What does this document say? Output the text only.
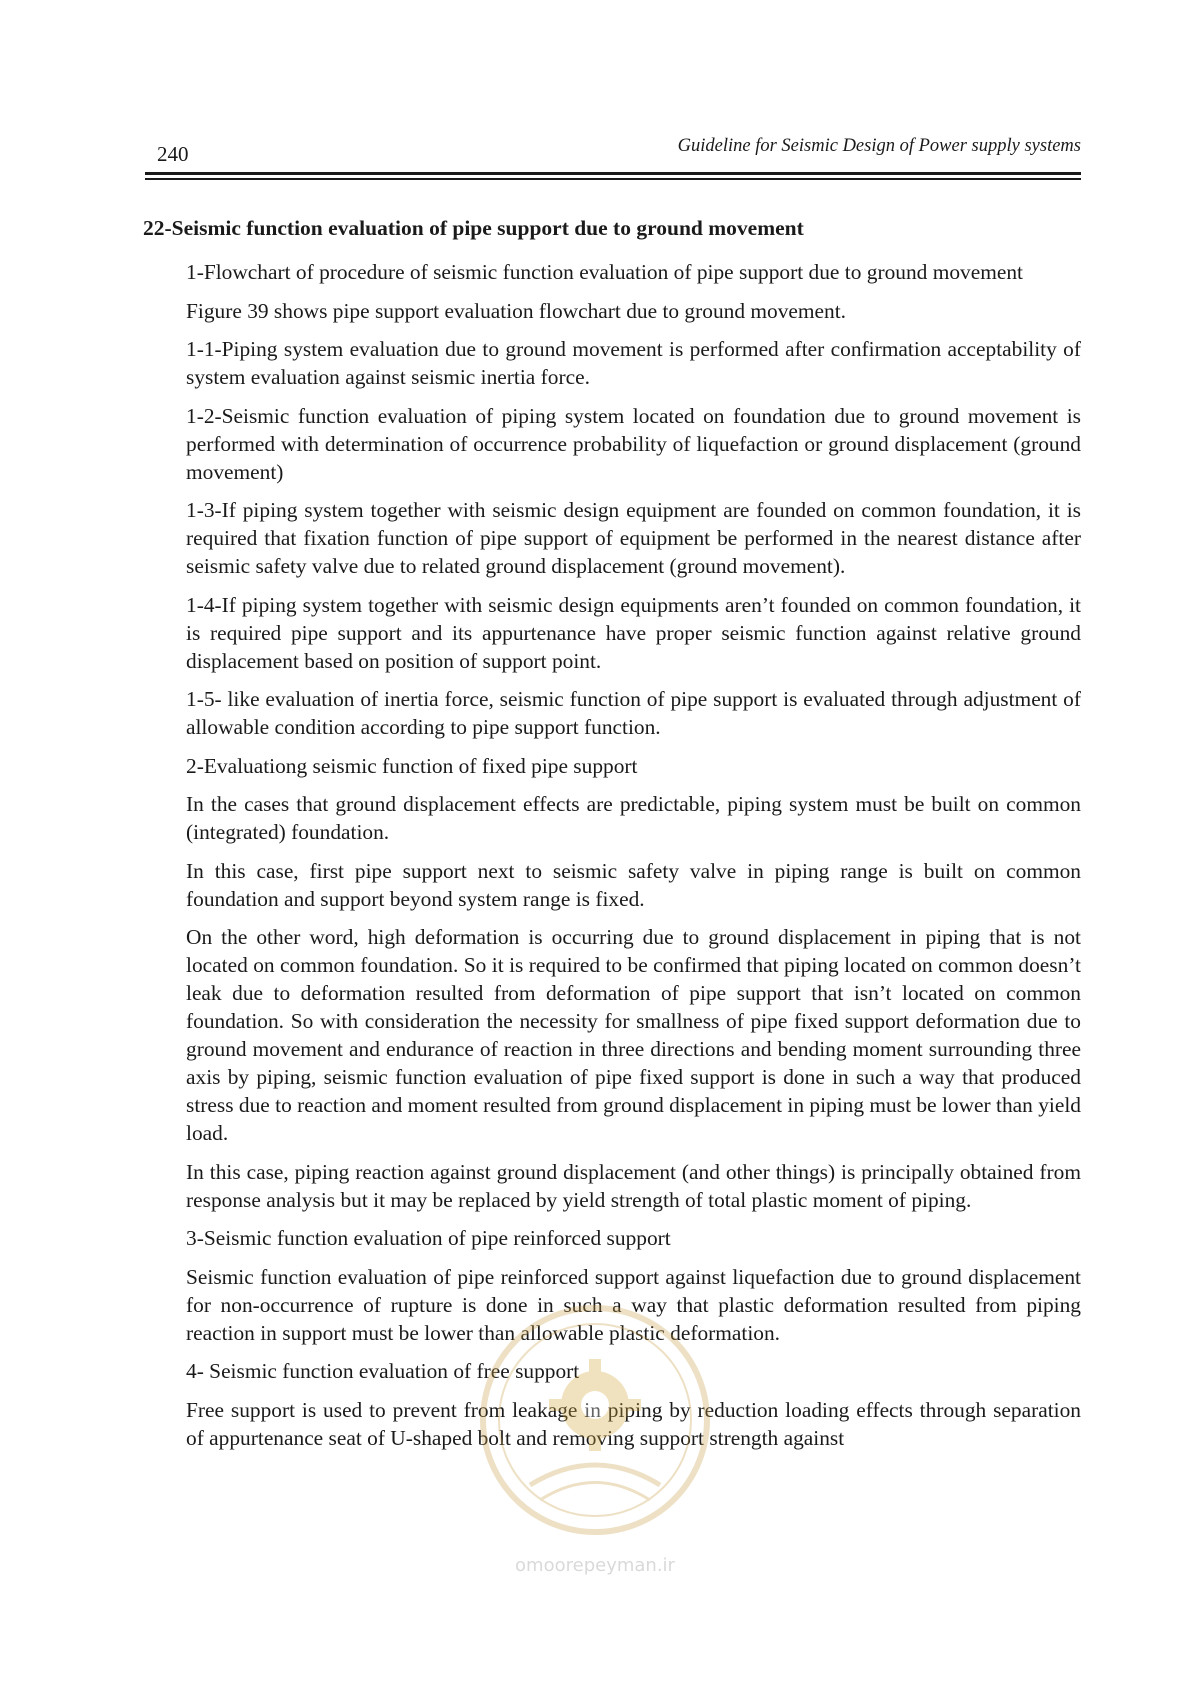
240	Guideline for Seismic Design of Power supply systems
22-Seismic function evaluation of pipe support due to ground movement

1-Flowchart of procedure of seismic function evaluation of pipe support due to ground movement

Figure 39 shows pipe support evaluation flowchart due to ground movement.

1-1-Piping system evaluation due to ground movement is performed after confirmation acceptability of system evaluation against seismic inertia force.

1-2-Seismic function evaluation of piping system located on foundation due to ground movement is performed with determination of occurrence probability of liquefaction or ground displacement (ground movement)

1-3-If piping system together with seismic design equipment are founded on common foundation, it is required that fixation function of pipe support of equipment be performed in the nearest distance after seismic safety valve due to related ground displacement (ground movement).

1-4-If piping system together with seismic design equipments aren’t founded on common foundation, it is required pipe support and its appurtenance have proper seismic function against relative ground displacement based on position of support point.

1-5- like evaluation of inertia force, seismic function of pipe support is evaluated through adjustment of allowable condition according to pipe support function.

2-Evaluationg seismic function of fixed pipe support

In the cases that ground displacement effects are predictable, piping system must be built on common (integrated) foundation.

In this case, first pipe support next to seismic safety valve in piping range is built on common foundation and support beyond system range is fixed.

On the other word, high deformation is occurring due to ground displacement in piping that is not located on common foundation. So it is required to be confirmed that piping located on common doesn’t leak due to deformation resulted from deformation of pipe support that isn’t located on common foundation. So with consideration the necessity for smallness of pipe fixed support deformation due to ground movement and endurance of reaction in three directions and bending moment surrounding three axis by piping, seismic function evaluation of pipe fixed support is done in such a way that produced stress due to reaction and moment resulted from ground displacement in piping must be lower than yield load.

In this case, piping reaction against ground displacement (and other things) is principally obtained from response analysis but it may be replaced by yield strength of total plastic moment of piping.

3-Seismic function evaluation of pipe reinforced support

Seismic function evaluation of pipe reinforced support against liquefaction due to ground displacement for non-occurrence of rupture is done in such a way that plastic deformation resulted from piping reaction in support must be lower than allowable plastic deformation.

4- Seismic function evaluation of free support

Free support is used to prevent from leakage in piping by reduction loading effects through separation of appurtenance seat of U-shaped bolt and removing support strength against

omoorepeyman.ir
